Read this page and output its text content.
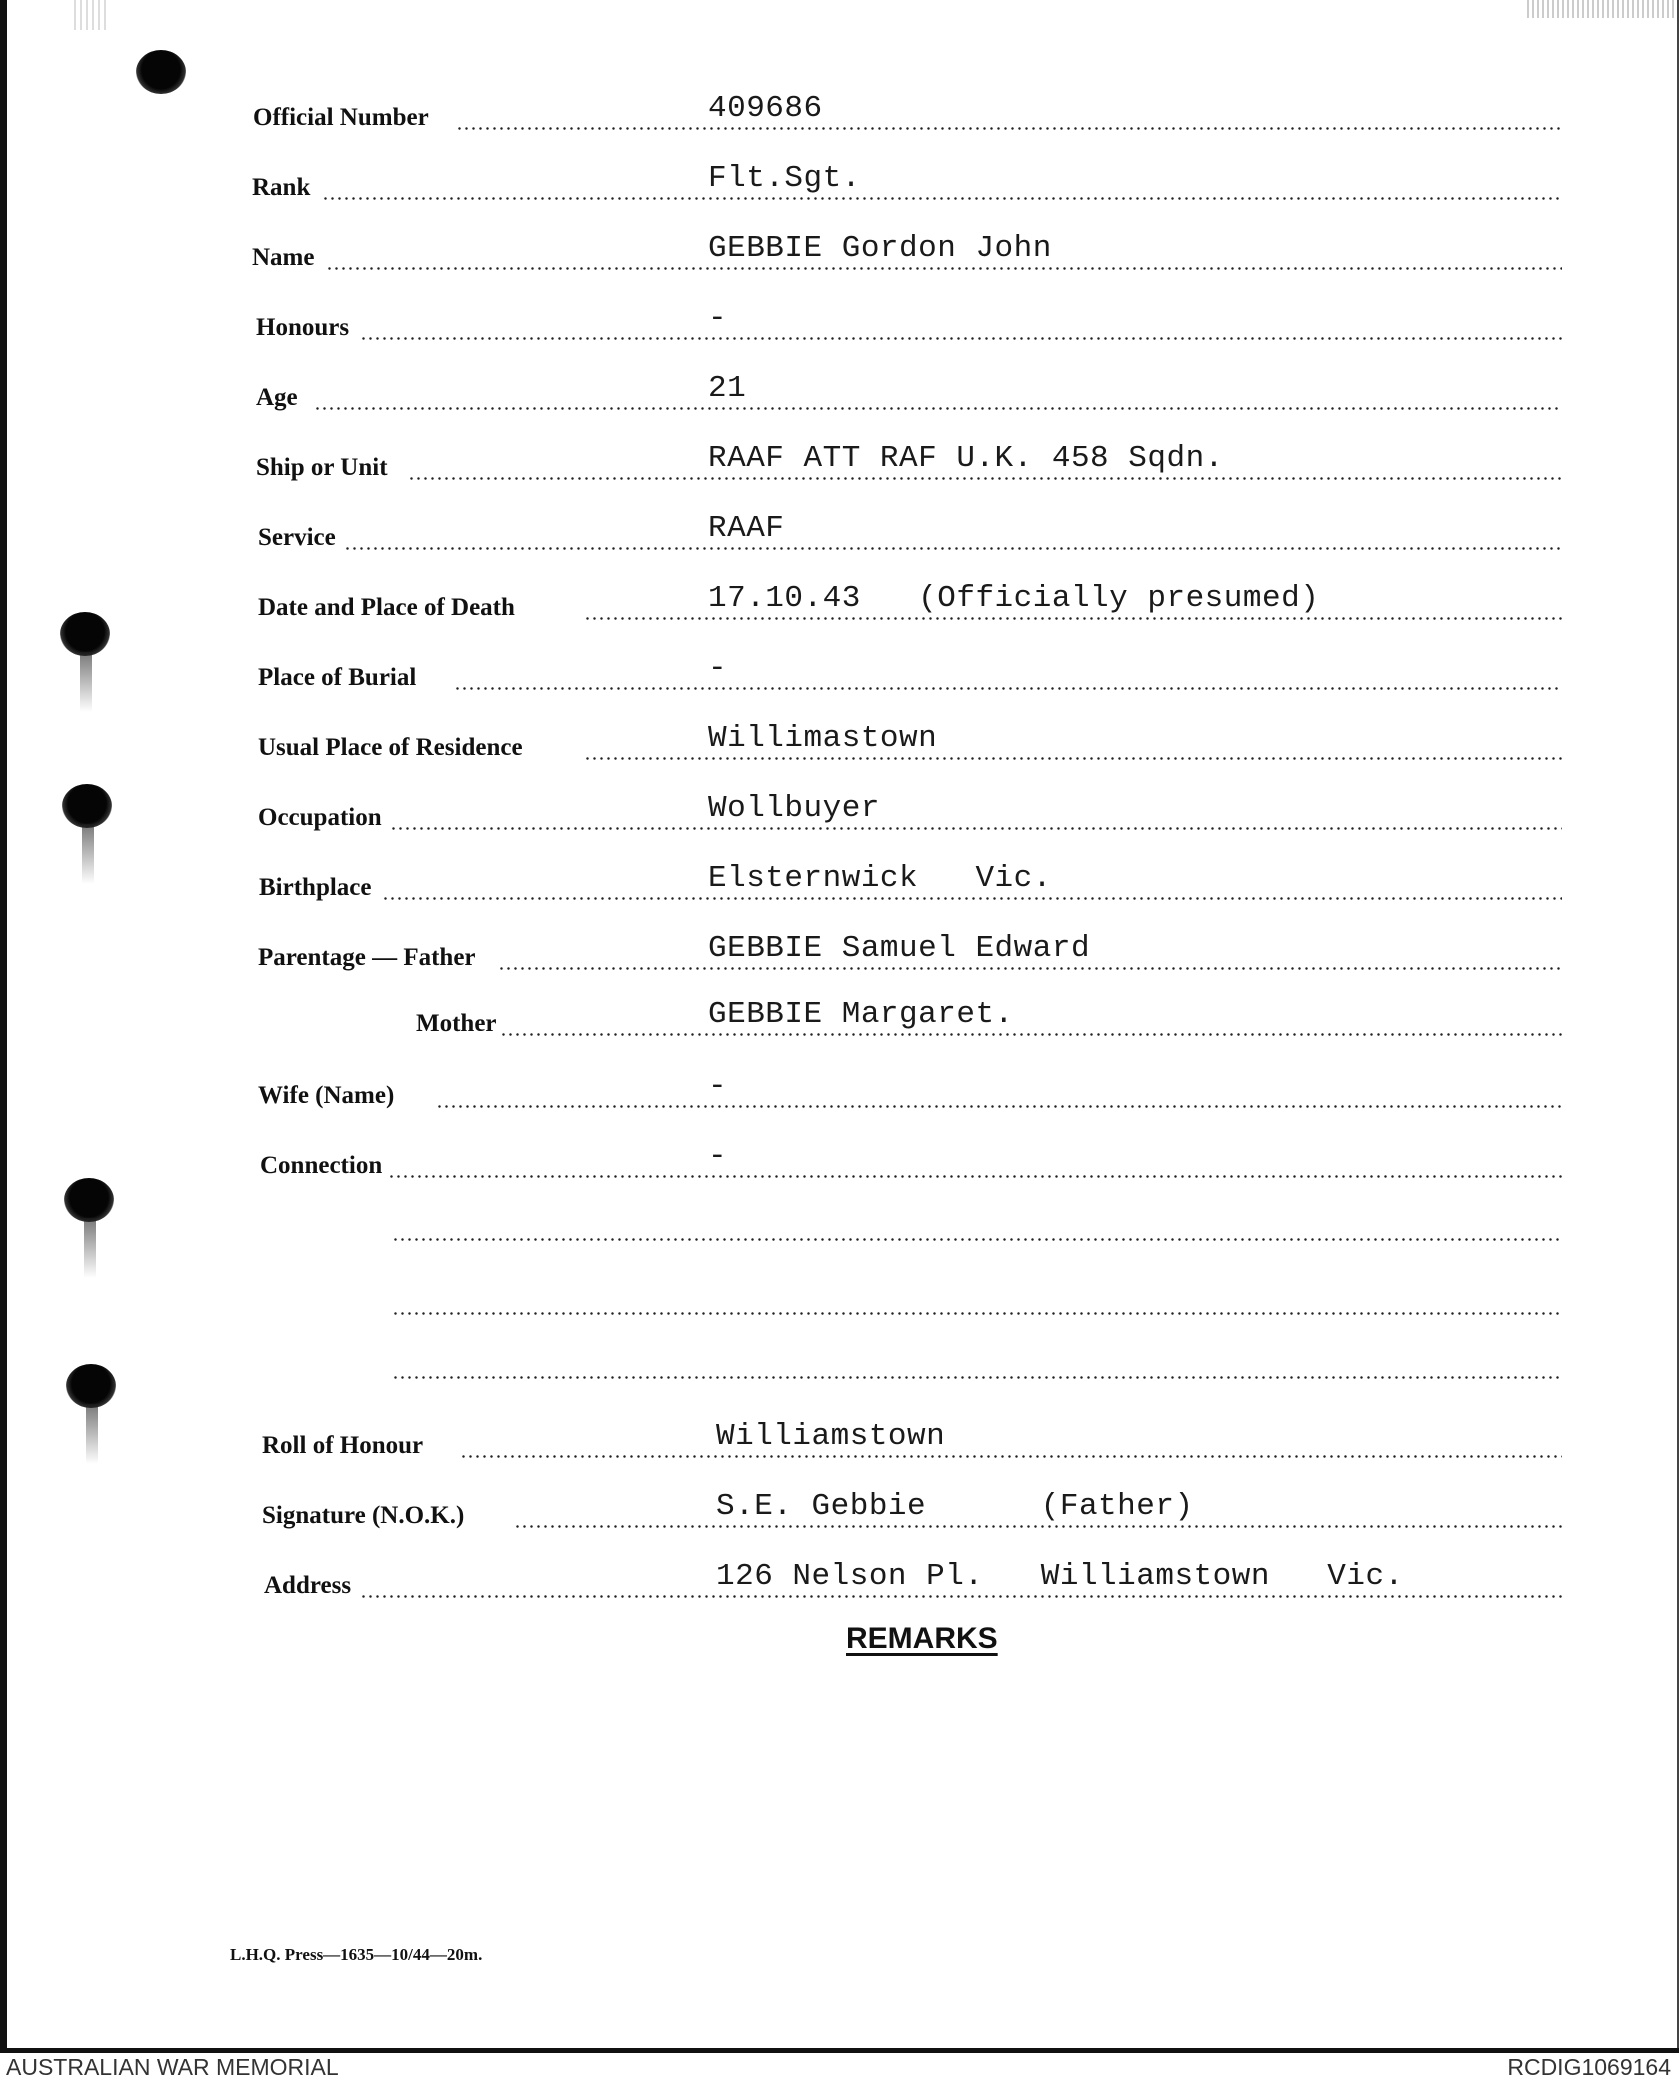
Official Number	409686
Rank	Flt.Sgt.
Name	GEBBIE Gordon John
Honours	-
Age	21
Ship or Unit	RAAF ATT RAF U.K. 458 Sqdn.
Service	RAAF
Date and Place of Death	17.10.43   (Officially presumed)
Place of Burial	-
Usual Place of Residence	Willimastown
Occupation	Wollbuyer
Birthplace	Elsternwick   Vic.
Parentage — Father	GEBBIE Samuel Edward
Mother	GEBBIE Margaret.
Wife (Name)	-
Connection	-
Roll of Honour	Williamstown
Signature (N.O.K.)	S.E. Gebbie      (Father)
Address	126 Nelson Pl.   Williamstown   Vic.
REMARKS
L.H.Q. Press—1635—10/44—20m.
AUSTRALIAN WAR MEMORIAL	RCDIG1069164
